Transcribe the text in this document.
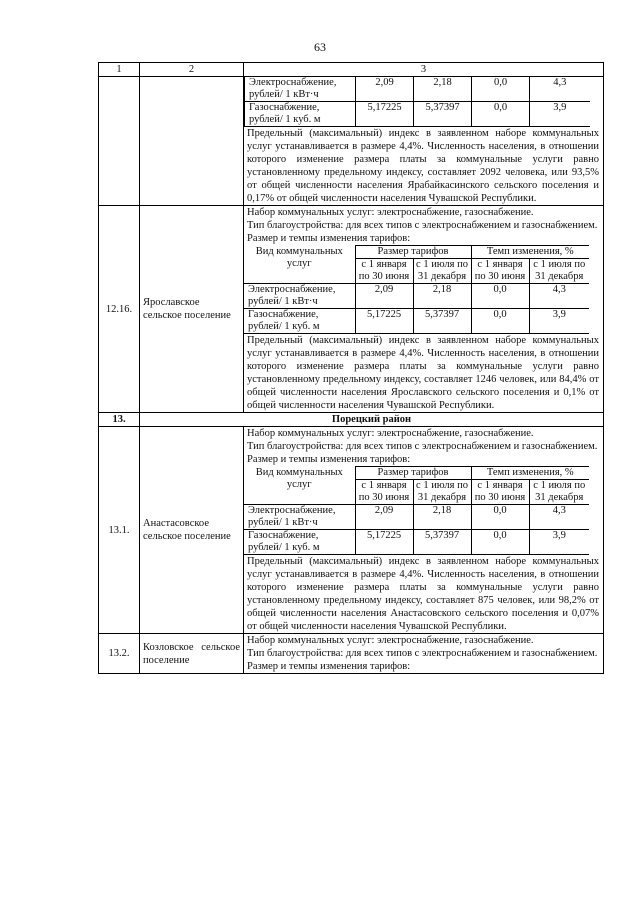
63
1	2	3

Электроснабжение, рублей/ 1 кВт·ч	2,09	2,18	0,0	4,3
Газоснабжение, рублей/ 1 куб. м	5,17225	5,37397	0,0	3,9

Предельный (максимальный) индекс в заявленном наборе коммунальных услуг устанавливается в размере 4,4%. Численность населения, в отношении которого изменение размера платы за коммунальные услуги равно установленному предельному индексу, составляет 2092 человека, или 93,5% от общей численности населения Ярабайкасинского сельского поселения и 0,17% от общей численности населения Чувашской Республики.

12.16.	Ярославское сельское поселение	

Набор коммунальных услуг: электроснабжение, газоснабжение.

Тип благоустройства: для всех типов с электроснабжением и газоснабжением.

Размер и темпы изменения тарифов:

Вид коммунальных услуг	Размер тарифов	Темп изменения, %
с 1 января по 30 июня	с 1 июля по 31 декабря	с 1 января по 30 июня	с 1 июля по 31 декабря
Электроснабжение, рублей/ 1 кВт·ч	2,09	2,18	0,0	4,3
Газоснабжение, рублей/ 1 куб. м	5,17225	5,37397	0,0	3,9

Предельный (максимальный) индекс в заявленном наборе коммунальных услуг устанавливается в размере 4,4%. Численность населения, в отношении которого изменение размера платы за коммунальные услуги равно установленному предельному индексу, составляет 1246 человек, или 84,4% от общей численности населения Ярославского сельского поселения и 0,1% от общей численности населения Чувашской Республики.

13.	Порецкий район
13.1.	Анастасовское сельское поселение	

Набор коммунальных услуг: электроснабжение, газоснабжение.

Тип благоустройства: для всех типов с электроснабжением и газоснабжением.

Размер и темпы изменения тарифов:

Вид коммунальных услуг	Размер тарифов	Темп изменения, %
с 1 января по 30 июня	с 1 июля по 31 декабря	с 1 января по 30 июня	с 1 июля по 31 декабря
Электроснабжение, рублей/ 1 кВт·ч	2,09	2,18	0,0	4,3
Газоснабжение, рублей/ 1 куб. м	5,17225	5,37397	0,0	3,9

Предельный (максимальный) индекс в заявленном наборе коммунальных услуг устанавливается в размере 4,4%. Численность населения, в отношении которого изменение размера платы за коммунальные услуги равно установленному предельному индексу, составляет 875 человек, или 98,2% от общей численности населения Анастасовского сельского поселения и 0,07% от общей численности населения Чувашской Республики.

13.2.	Козловское сельское поселение	

Набор коммунальных услуг: электроснабжение, газоснабжение.

Тип благоустройства: для всех типов с электроснабжением и газоснабжением.

Размер и темпы изменения тарифов:
